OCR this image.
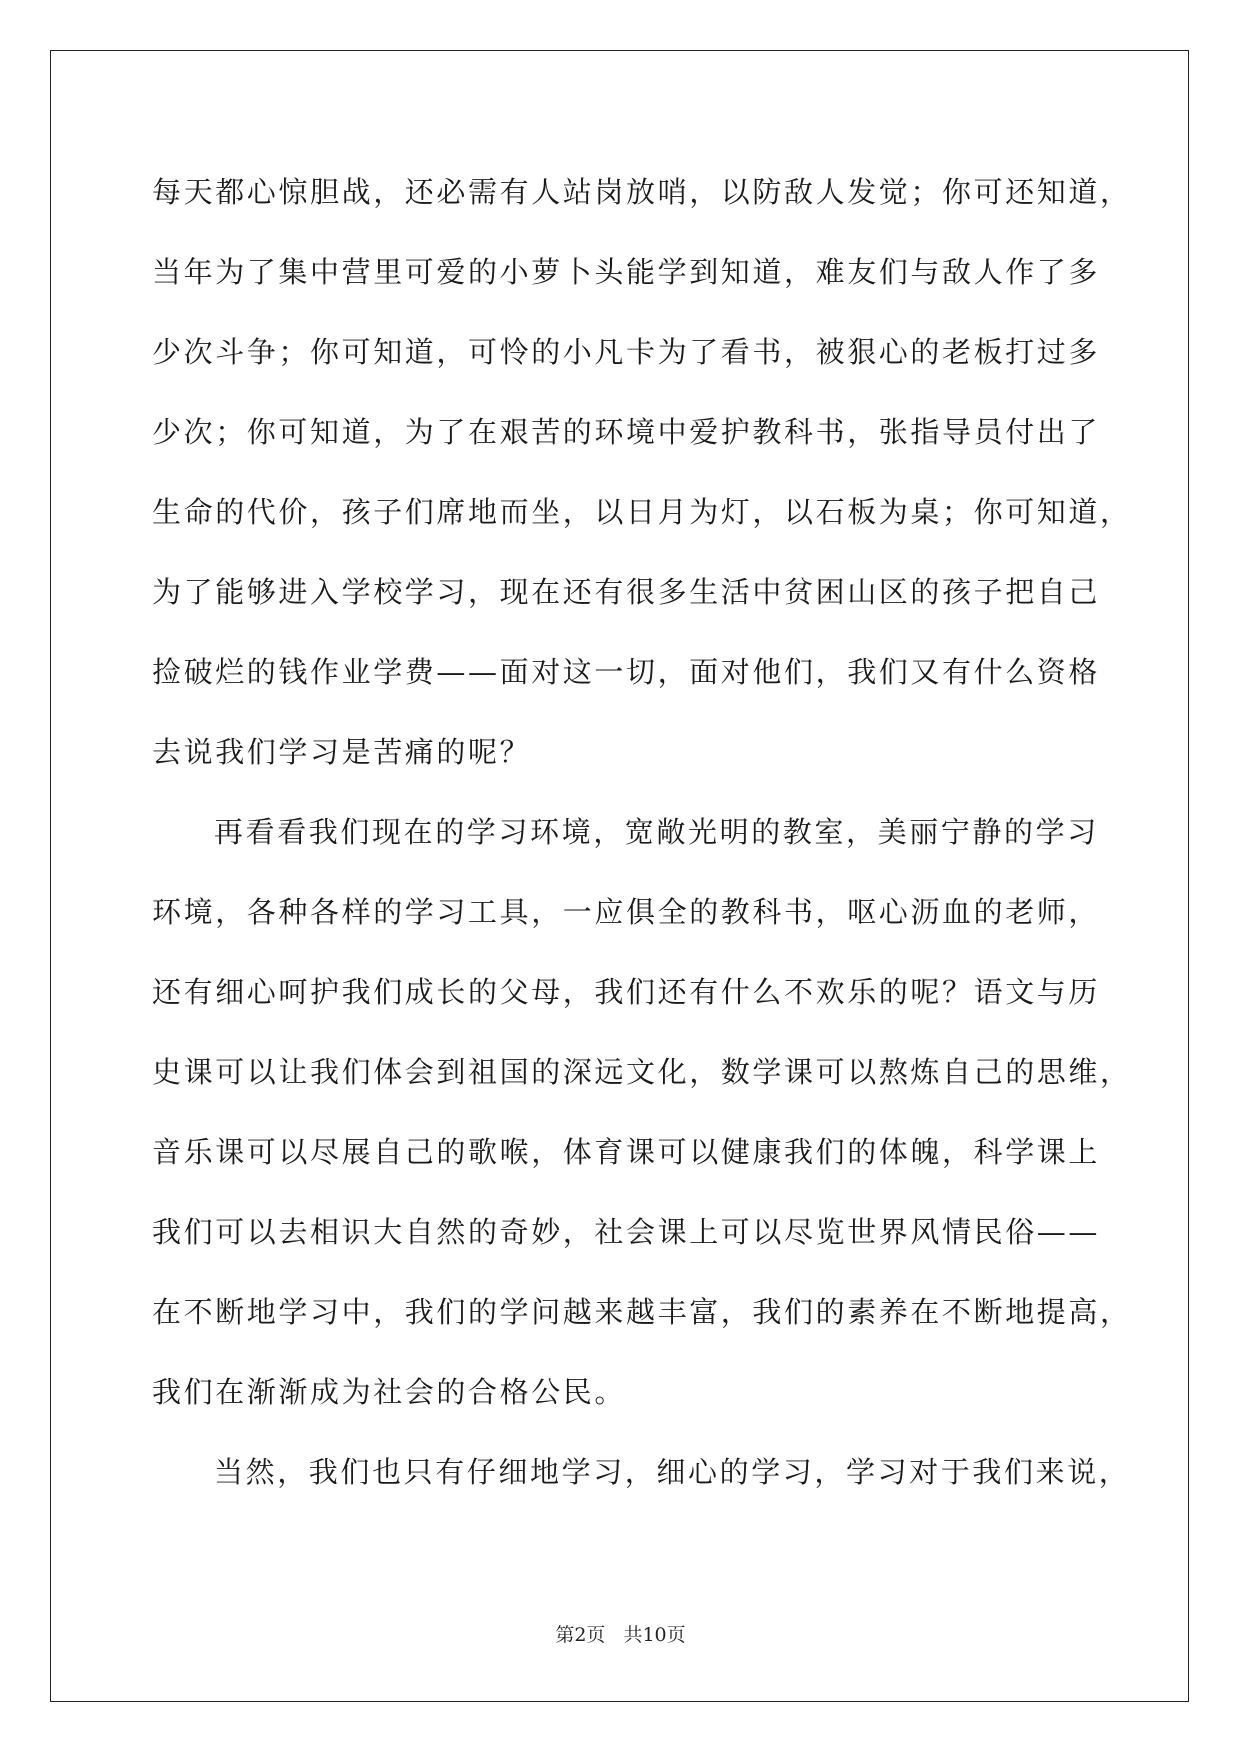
每天都心惊胆战，还必需有人站岗放哨，以防敌人发觉；你可还知道，
当年为了集中营里可爱的小萝卜头能学到知道，难友们与敌人作了多
少次斗争；你可知道，可怜的小凡卡为了看书，被狠心的老板打过多
少次；你可知道，为了在艰苦的环境中爱护教科书，张指导员付出了
生命的代价，孩子们席地而坐，以日月为灯，以石板为桌；你可知道，
为了能够进入学校学习，现在还有很多生活中贫困山区的孩子把自己
捡破烂的钱作业学费——面对这一切，面对他们，我们又有什么资格
去说我们学习是苦痛的呢？
再看看我们现在的学习环境，宽敞光明的教室，美丽宁静的学习
环境，各种各样的学习工具，一应俱全的教科书，呕心沥血的老师，
还有细心呵护我们成长的父母，我们还有什么不欢乐的呢？语文与历
史课可以让我们体会到祖国的深远文化，数学课可以熬炼自己的思维，
音乐课可以尽展自己的歌喉，体育课可以健康我们的体魄，科学课上
我们可以去相识大自然的奇妙，社会课上可以尽览世界风情民俗——
在不断地学习中，我们的学问越来越丰富，我们的素养在不断地提高，
我们在渐渐成为社会的合格公民。
当然，我们也只有仔细地学习，细心的学习，学习对于我们来说，
第2页 共10页
